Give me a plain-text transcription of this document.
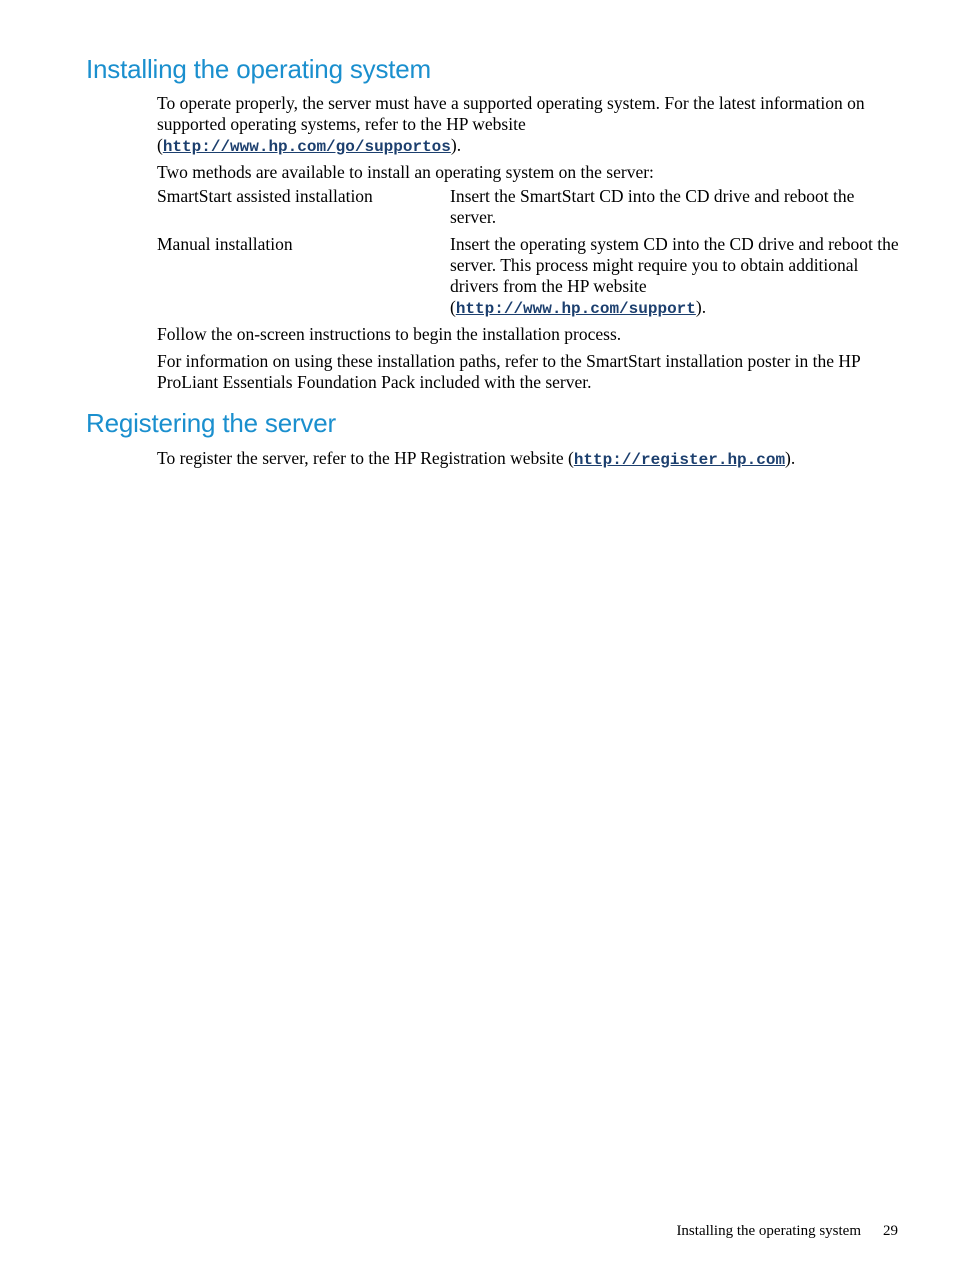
Installing the operating system

To operate properly, the server must have a supported operating system. For the latest information on supported operating systems, refer to the HP website
(http://www.hp.com/go/supportos).

Two methods are available to install an operating system on the server:

SmartStart assisted installation	Insert the SmartStart CD into the CD drive and reboot the server.
Manual installation	Insert the operating system CD into the CD drive and reboot the server. This process might require you to obtain additional drivers from the HP website
(http://www.hp.com/support).

Follow the on-screen instructions to begin the installation process.

For information on using these installation paths, refer to the SmartStart installation poster in the HP ProLiant Essentials Foundation Pack included with the server.

Registering the server

To register the server, refer to the HP Registration website (http://register.hp.com).

Installing the operating system 29
